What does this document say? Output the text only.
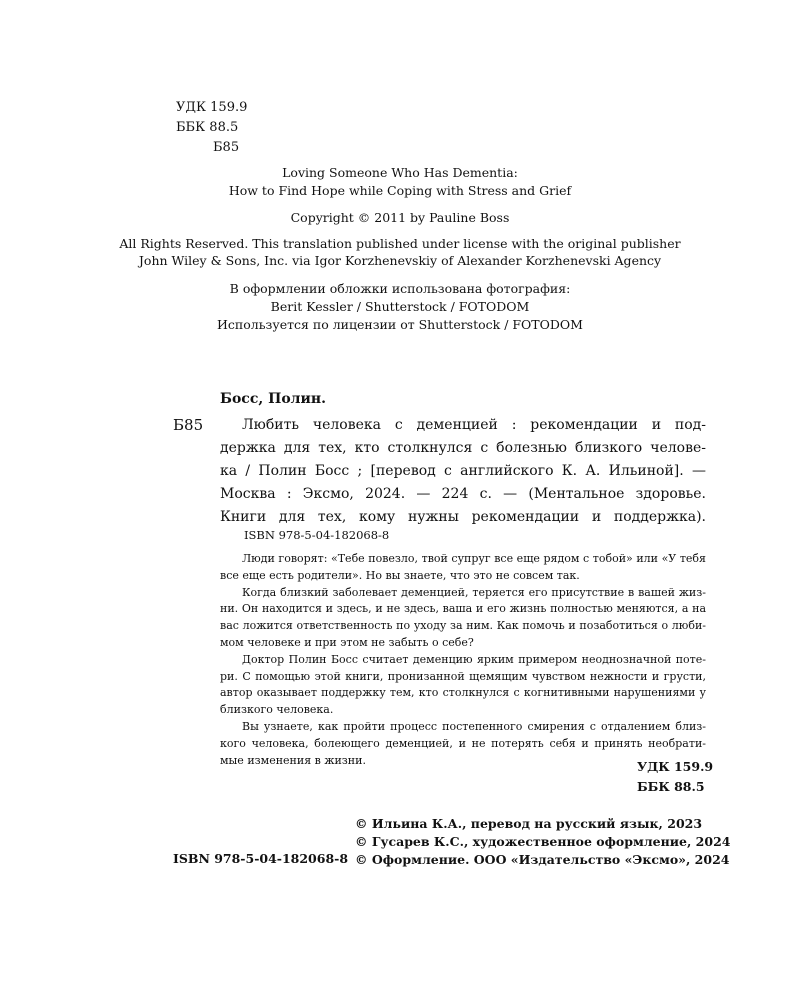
УДК 159.9
ББК 88.5
Б85
Loving Someone Who Has Dementia:
How to Find Hope while Coping with Stress and Grief
Copyright © 2011 by Pauline Boss
All Rights Reserved. This translation published under license with the original publisher
John Wiley & Sons, Inc. via Igor Korzhenevskiy of Alexander Korzhenevski Agency
В оформлении обложки использована фотография:
Berit Kessler / Shutterstock / FOTODOM
Используется по лицензии от Shutterstock / FOTODOM
Босс, Полин.
Б85	Любить человека с деменцией : рекомендации и под-
держка для тех, кто столкнулся с болезнью близкого челове-
ка / Полин Босс ; [перевод с английского К. А. Ильиной]. —
Москва : Эксмо, 2024. — 224 с. — (Ментальное здоровье.
Книги для тех, кому нужны рекомендации и поддержка).
ISBN 978-5-04-182068-8
Люди говорят: «Тебе повезло, твой супруг все еще рядом с тобой» или «У тебя
все еще есть родители». Но вы знаете, что это не совсем так.
Когда близкий заболевает деменцией, теряется его присутствие в вашей жиз-
ни. Он находится и здесь, и не здесь, ваша и его жизнь полностью меняются, а на
вас ложится ответственность по уходу за ним. Как помочь и позаботиться о люби-
мом человеке и при этом не забыть о себе?
Доктор Полин Босс считает деменцию ярким примером неоднозначной поте-
ри. С помощью этой книги, пронизанной щемящим чувством нежности и грусти,
автор оказывает поддержку тем, кто столкнулся с когнитивными нарушениями у
близкого человека.
Вы узнаете, как пройти процесс постепенного смирения с отдалением близ-
кого человека, болеющего деменцией, и не потерять себя и принять необрати-
мые изменения в жизни.	УДК 159.9
ББК 88.5
© Ильина К.А., перевод на русский язык, 2023
© Гусарев К.С., художественное оформление, 2024
© Оформление. ООО «Издательство «Эксмо», 2024
ISBN 978-5-04-182068-8
